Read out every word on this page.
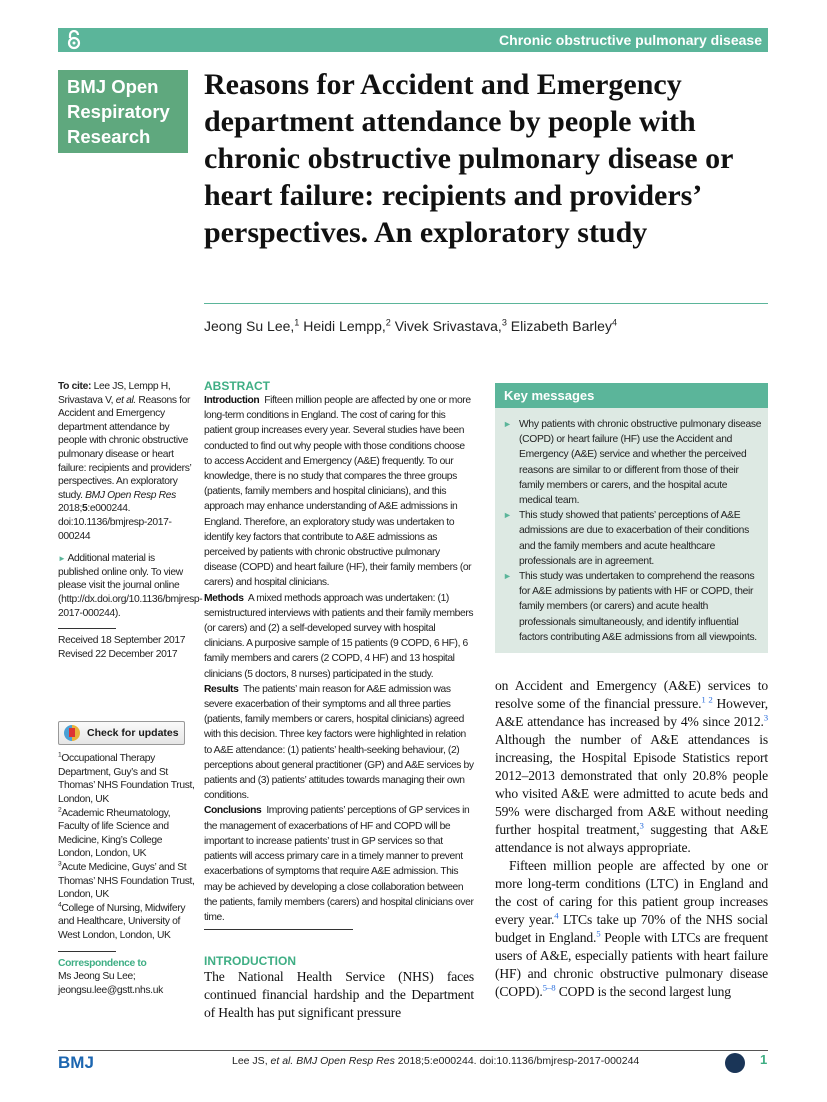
Chronic obstructive pulmonary disease
BMJ Open
Respiratory
Research
Reasons for Accident and Emergency department attendance by people with chronic obstructive pulmonary disease or heart failure: recipients and providers’ perspectives. An exploratory study
Jeong Su Lee,$^1$ Heidi Lempp,$^2$ Vivek Srivastava,$^3$ Elizabeth Barley$^4$
To cite: Lee JS, Lempp H, Srivastava V, et al. Reasons for Accident and Emergency department attendance by people with chronic obstructive pulmonary disease or heart failure: recipients and providers’ perspectives. An exploratory study. BMJ Open Resp Res 2018;5:e000244. doi:10.1136/bmjresp-2017-000244
► Additional material is published online only. To view please visit the journal online (http://dx.doi.org/10.1136/bmjresp-2017-000244).
Received 18 September 2017
Revised 22 December 2017
Check for updates
$^1$Occupational Therapy Department, Guy’s and St Thomas’ NHS Foundation Trust, London, UK
$^2$Academic Rheumatology, Faculty of life Science and Medicine, King’s College London, London, UK
$^3$Acute Medicine, Guys’ and St Thomas’ NHS Foundation Trust, London, UK
$^4$College of Nursing, Midwifery and Healthcare, University of West London, London, UK
Correspondence to
Ms Jeong Su Lee;
jeongsu.lee@gstt.nhs.uk
ABSTRACT
Introduction Fifteen million people are affected by one or more long-term conditions in England. The cost of caring for this patient group increases every year. Several studies have been conducted to find out why people with those conditions choose to access Accident and Emergency (A&E) frequently. To our knowledge, there is no study that compares the three groups (patients, family members and hospital clinicians), and this approach may enhance understanding of A&E admissions in England. Therefore, an exploratory study was undertaken to identify key factors that contribute to A&E admissions as perceived by patients with chronic obstructive pulmonary disease (COPD) and heart failure (HF), their family members (or carers) and hospital clinicians.
Methods A mixed methods approach was undertaken: (1) semistructured interviews with patients and their family members (or carers) and (2) a self-developed survey with hospital clinicians. A purposive sample of 15 patients (9 COPD, 6 HF), 6 family members and carers (2 COPD, 4 HF) and 13 hospital clinicians (5 doctors, 8 nurses) participated in the study.
Results The patients’ main reason for A&E admission was severe exacerbation of their symptoms and all three parties (patients, family members or carers, hospital clinicians) agreed with this decision. Three key factors were highlighted in relation to A&E attendance: (1) patients’ health-seeking behaviour, (2) perceptions about general practitioner (GP) and A&E services by patients and (3) patients’ attitudes towards managing their own conditions.
Conclusions Improving patients’ perceptions of GP services in the management of exacerbations of HF and COPD will be important to increase patients’ trust in GP services so that patients will access primary care in a timely manner to prevent exacerbations of symptoms that require A&E admission. This may be achieved by developing a close collaboration between the patients, family members (carers) and hospital clinicians over time.
INTRODUCTION
The National Health Service (NHS) faces continued financial hardship and the Department of Health has put significant pressure
Key messages
► Why patients with chronic obstructive pulmonary disease (COPD) or heart failure (HF) use the Accident and Emergency (A&E) service and whether the perceived reasons are similar to or different from those of their family members or carers, and the hospital acute medical team.
► This study showed that patients’ perceptions of A&E admissions are due to exacerbation of their conditions and the family members and acute healthcare professionals are in agreement.
► This study was undertaken to comprehend the reasons for A&E admissions by patients with HF or COPD, their family members (or carers) and acute health professionals simultaneously, and identify influential factors contributing A&E admissions from all viewpoints.
on Accident and Emergency (A&E) services to resolve some of the financial pressure.$^{1 2}$ However, A&E attendance has increased by 4% since 2012.$^3$ Although the number of A&E attendances is increasing, the Hospital Episode Statistics report 2012–2013 demonstrated that only 20.8% people who visited A&E were admitted to acute beds and 59% were discharged from A&E without needing further hospital treatment,$^3$ suggesting that A&E attendance is not always appropriate.
Fifteen million people are affected by one or more long-term conditions (LTC) in England and the cost of caring for this patient group increases every year.$^4$ LTCs take up 70% of the NHS social budget in England.$^5$ People with LTCs are frequent users of A&E, especially patients with heart failure (HF) and chronic obstructive pulmonary disease (COPD).$^{5-8}$ COPD is the second largest lung
BMJ	Lee JS, et al. BMJ Open Resp Res 2018;5:e000244. doi:10.1136/bmjresp-2017-000244	1
